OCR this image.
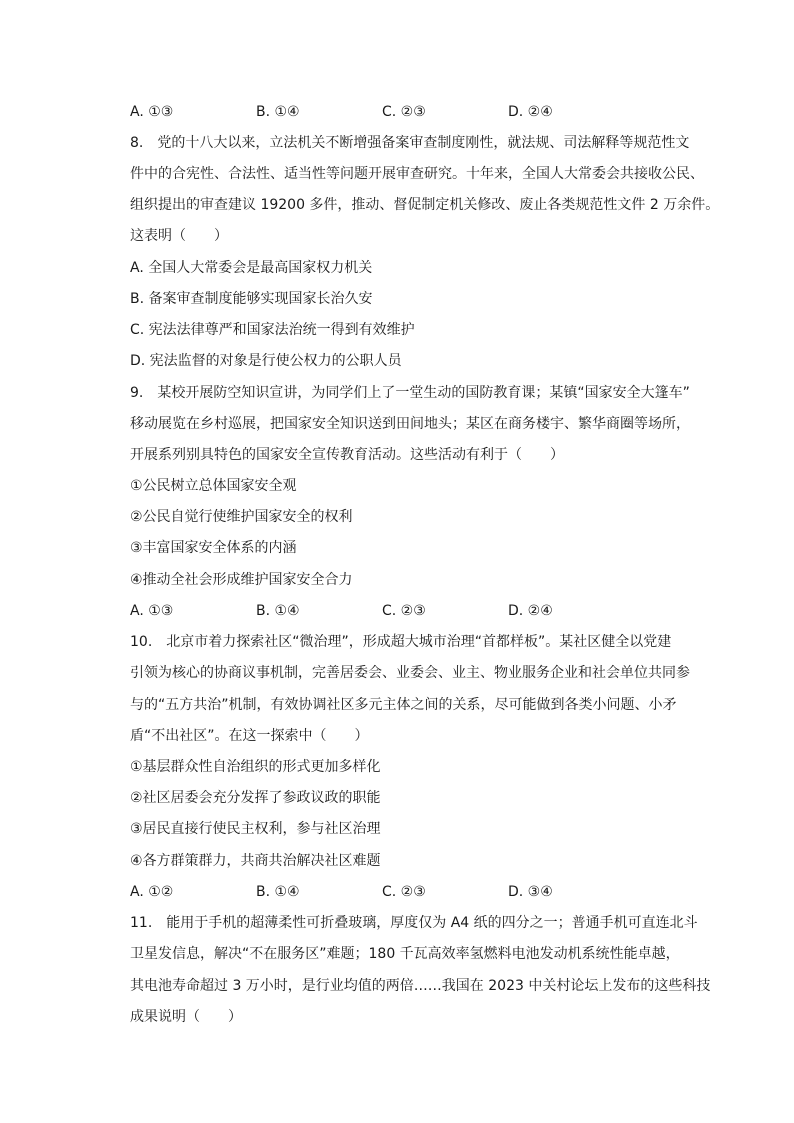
A. ①③	B. ①④	C. ②③	D. ②④
8.　党的十八大以来，立法机关不断增强备案审查制度刚性，就法规、司法解释等规范性文
件中的合宪性、合法性、适当性等问题开展审查研究。十年来，全国人大常委会共接收公民、
组织提出的审查建议 19200 多件，推动、督促制定机关修改、废止各类规范性文件 2 万余件。
这表明（　　）
A. 全国人大常委会是最高国家权力机关
B. 备案审查制度能够实现国家长治久安
C. 宪法法律尊严和国家法治统一得到有效维护
D. 宪法监督的对象是行使公权力的公职人员
9.　某校开展防空知识宣讲，为同学们上了一堂生动的国防教育课；某镇“国家安全大篷车”
移动展览在乡村巡展，把国家安全知识送到田间地头；某区在商务楼宇、繁华商圈等场所，
开展系列别具特色的国家安全宣传教育活动。这些活动有利于（　　）
①公民树立总体国家安全观
②公民自觉行使维护国家安全的权利
③丰富国家安全体系的内涵
④推动全社会形成维护国家安全合力
A. ①③	B. ①④	C. ②③	D. ②④
10.　北京市着力探索社区“微治理”，形成超大城市治理“首都样板”。某社区健全以党建
引领为核心的协商议事机制，完善居委会、业委会、业主、物业服务企业和社会单位共同参
与的“五方共治”机制，有效协调社区多元主体之间的关系，尽可能做到各类小问题、小矛
盾“不出社区”。在这一探索中（　　）
①基层群众性自治组织的形式更加多样化
②社区居委会充分发挥了参政议政的职能
③居民直接行使民主权利，参与社区治理
④各方群策群力，共商共治解决社区难题
A. ①②	B. ①④	C. ②③	D. ③④
11.　能用于手机的超薄柔性可折叠玻璃，厚度仅为 A4 纸的四分之一；普通手机可直连北斗
卫星发信息，解决“不在服务区”难题；180 千瓦高效率氢燃料电池发动机系统性能卓越，
其电池寿命超过 3 万小时，是行业均值的两倍……我国在 2023 中关村论坛上发布的这些科技
成果说明（　　）
